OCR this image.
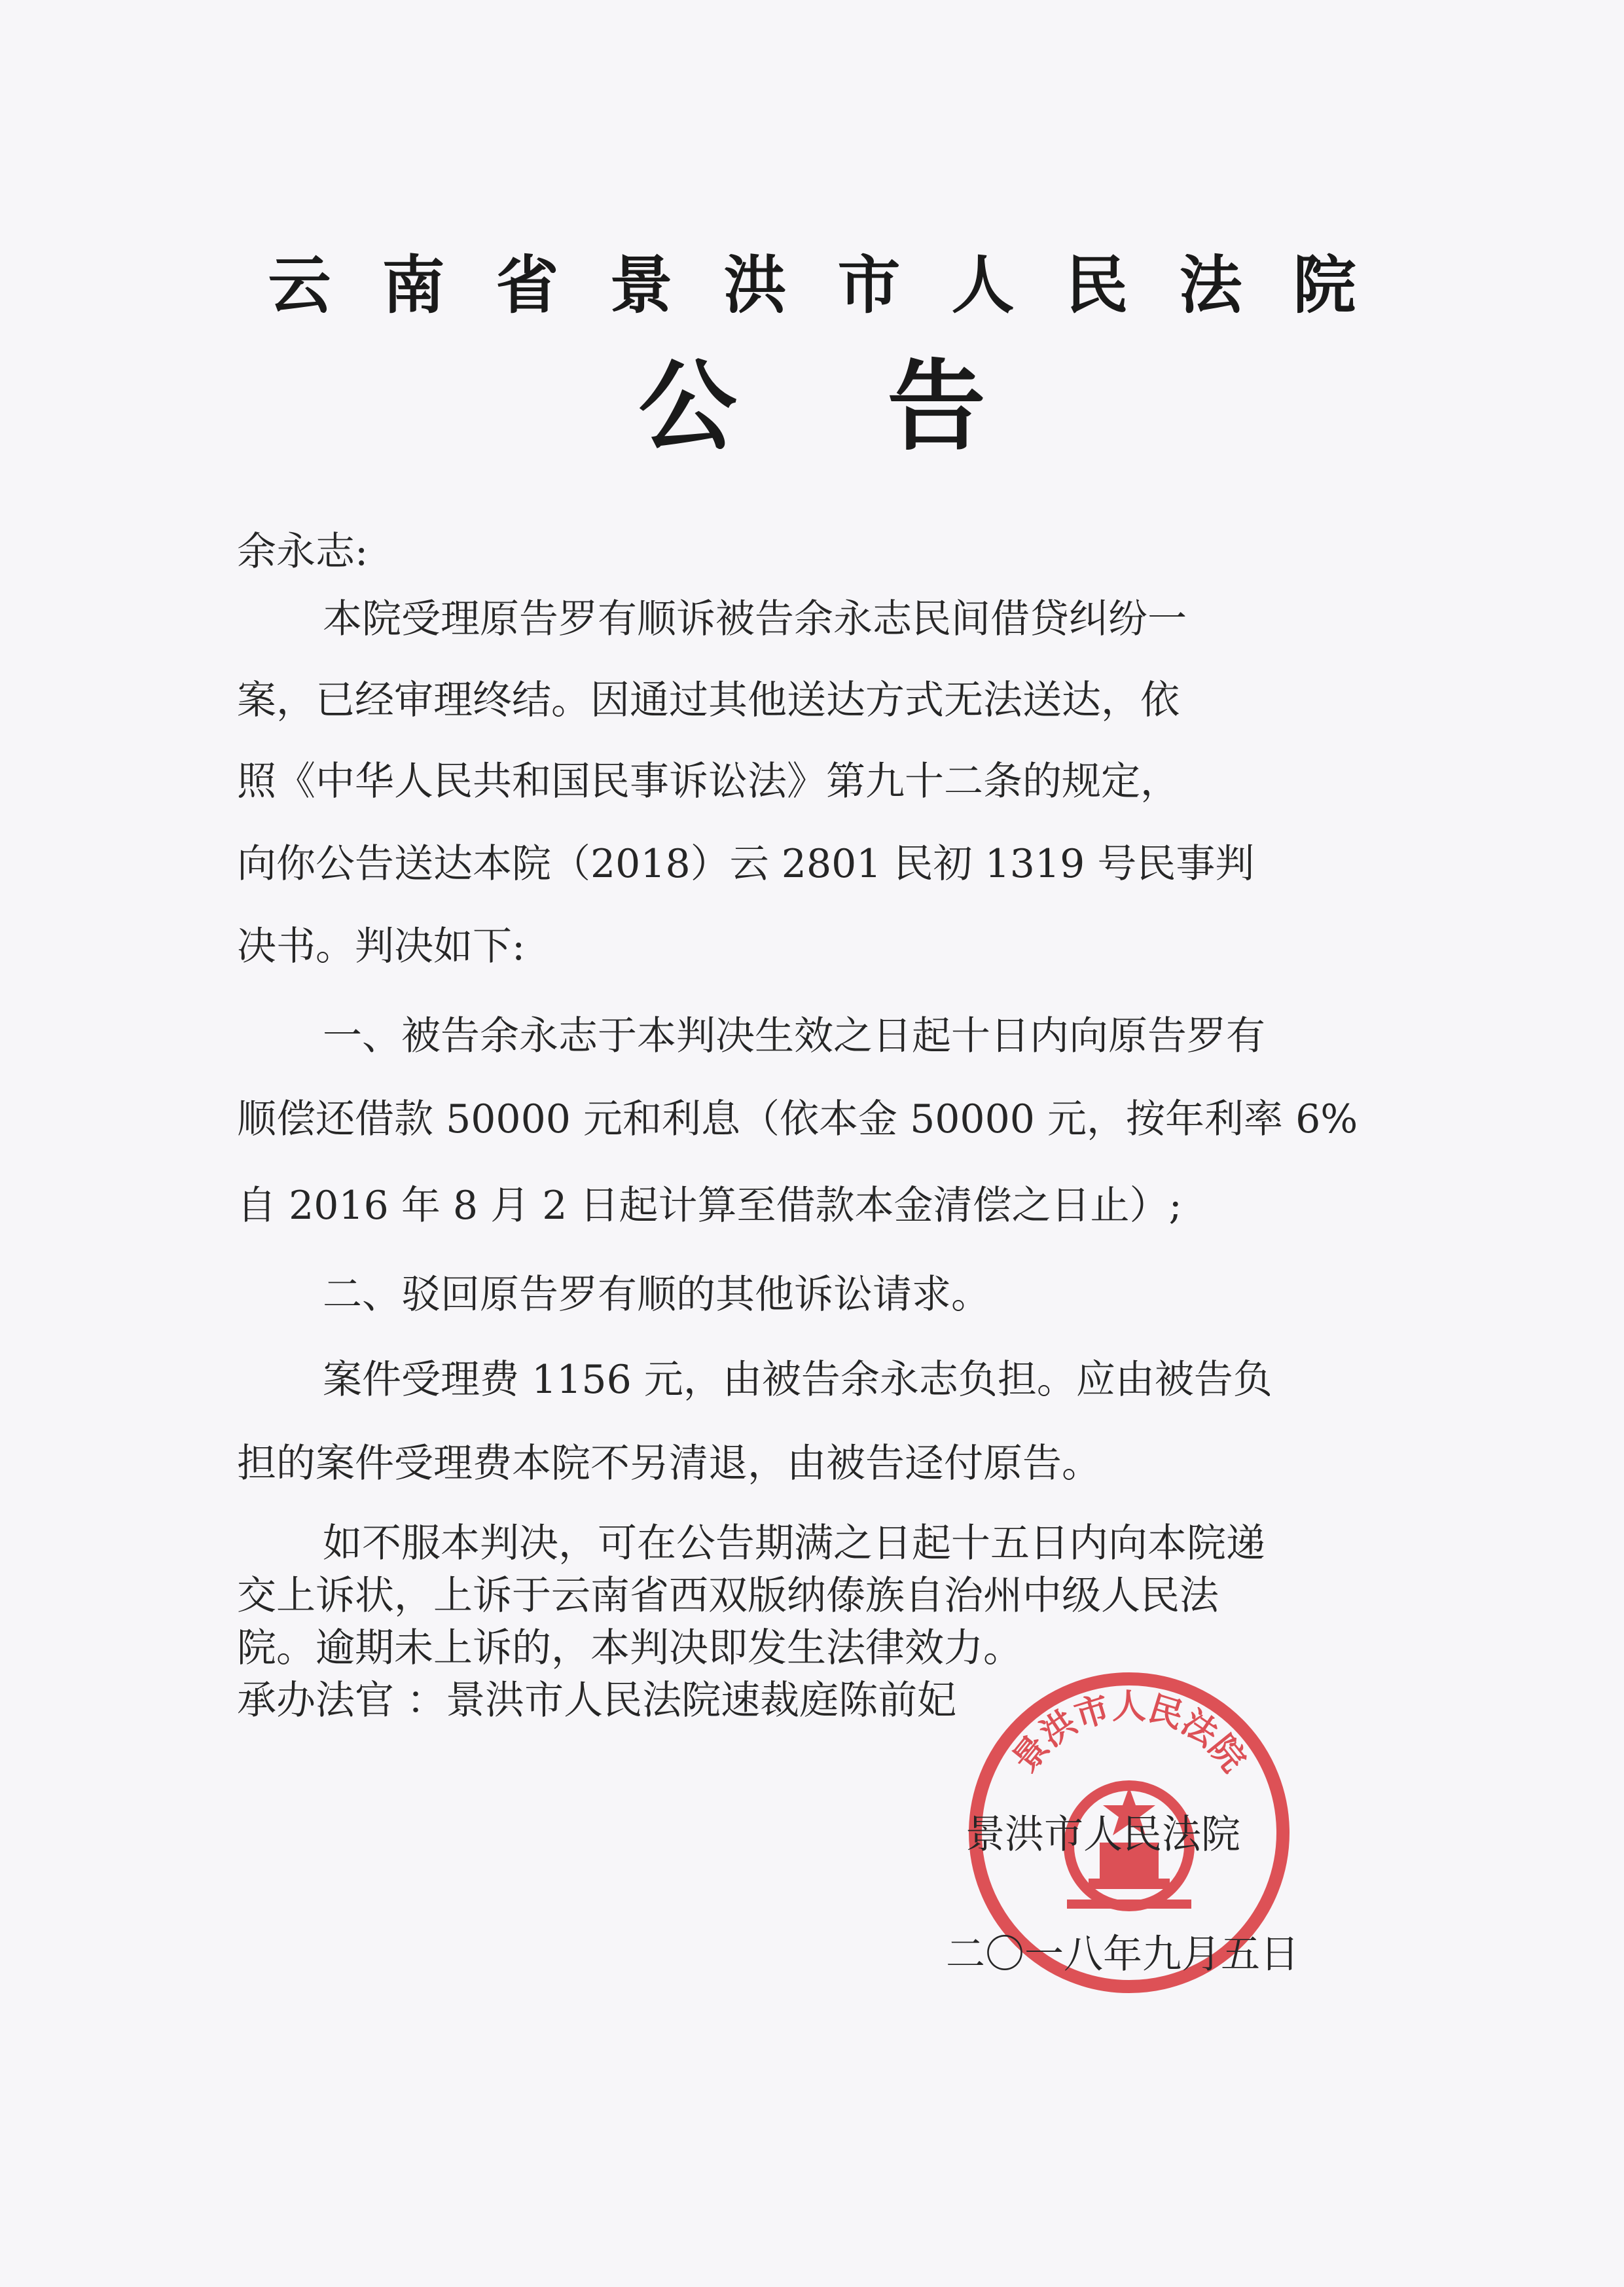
云南省景洪市人民法院
公告
余永志:
本院受理原告罗有顺诉被告余永志民间借贷纠纷一
案，已经审理终结。因通过其他送达方式无法送达，依
照《中华人民共和国民事诉讼法》第九十二条的规定，
向你公告送达本院（2018）云 2801 民初 1319 号民事判
决书。判决如下:
一、被告余永志于本判决生效之日起十日内向原告罗有
顺偿还借款 50000 元和利息（依本金 50000 元，按年利率 6%
自 2016 年 8 月 2 日起计算至借款本金清偿之日止）;
二、驳回原告罗有顺的其他诉讼请求。
案件受理费 1156 元，由被告余永志负担。应由被告负
担的案件受理费本院不另清退，由被告迳付原告。
如不服本判决，可在公告期满之日起十五日内向本院递
交上诉状，上诉于云南省西双版纳傣族自治州中级人民法
院。逾期未上诉的，本判决即发生法律效力。
承办法官 ：景洪市人民法院速裁庭陈前妃
景洪市人民法院
景洪市人民法院
二〇一八年九月五日
